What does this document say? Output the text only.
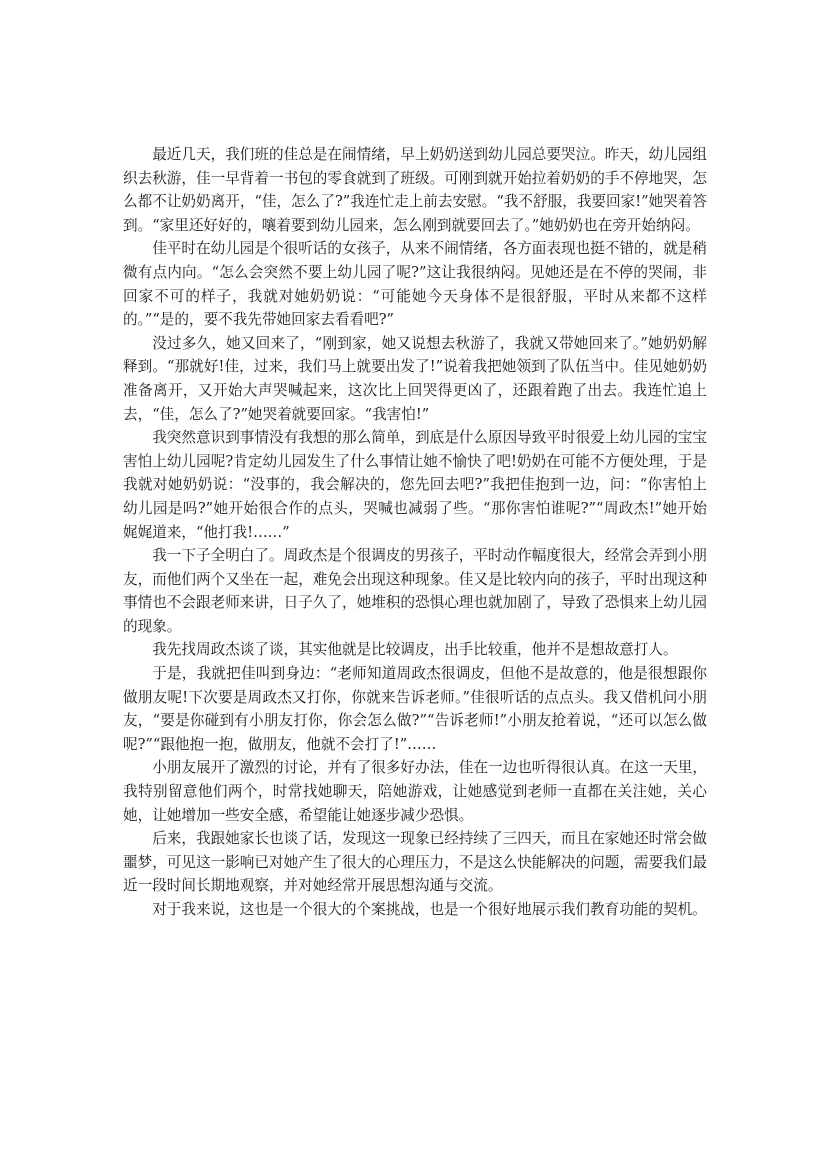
最近几天，我们班的佳总是在闹情绪，早上奶奶送到幼儿园总要哭泣。昨天，幼儿园组织去秋游，佳一早背着一书包的零食就到了班级。可刚到就开始拉着奶奶的手不停地哭，怎么都不让奶奶离开，“佳，怎么了?”我连忙走上前去安慰。“我不舒服，我要回家!”她哭着答到。“家里还好好的，嚷着要到幼儿园来，怎么刚到就要回去了。”她奶奶也在旁开始纳闷。

佳平时在幼儿园是个很听话的女孩子，从来不闹情绪，各方面表现也挺不错的，就是稍微有点内向。“怎么会突然不要上幼儿园了呢?”这让我很纳闷。见她还是在不停的哭闹，非回家不可的样子，我就对她奶奶说：“可能她今天身体不是很舒服，平时从来都不这样的。”“是的，要不我先带她回家去看看吧?”

没过多久，她又回来了，“刚到家，她又说想去秋游了，我就又带她回来了。”她奶奶解释到。“那就好!佳，过来，我们马上就要出发了!”说着我把她领到了队伍当中。佳见她奶奶准备离开，又开始大声哭喊起来，这次比上回哭得更凶了，还跟着跑了出去。我连忙追上去，“佳，怎么了?”她哭着就要回家。“我害怕!”

我突然意识到事情没有我想的那么简单，到底是什么原因导致平时很爱上幼儿园的宝宝害怕上幼儿园呢?肯定幼儿园发生了什么事情让她不愉快了吧!奶奶在可能不方便处理，于是我就对她奶奶说：“没事的，我会解决的，您先回去吧?”我把佳抱到一边，问：“你害怕上幼儿园是吗?”她开始很合作的点头，哭喊也减弱了些。“那你害怕谁呢?”“周政杰!”她开始娓娓道来，“他打我!……”

我一下子全明白了。周政杰是个很调皮的男孩子，平时动作幅度很大，经常会弄到小朋友，而他们两个又坐在一起，难免会出现这种现象。佳又是比较内向的孩子，平时出现这种事情也不会跟老师来讲，日子久了，她堆积的恐惧心理也就加剧了，导致了恐惧来上幼儿园的现象。

我先找周政杰谈了谈，其实他就是比较调皮，出手比较重，他并不是想故意打人。

于是，我就把佳叫到身边：“老师知道周政杰很调皮，但他不是故意的，他是很想跟你做朋友呢!下次要是周政杰又打你，你就来告诉老师。”佳很听话的点点头。我又借机问小朋友，“要是你碰到有小朋友打你，你会怎么做?”“告诉老师!”小朋友抢着说，“还可以怎么做呢?”“跟他抱一抱，做朋友，他就不会打了!”……

小朋友展开了激烈的讨论，并有了很多好办法，佳在一边也听得很认真。在这一天里，我特别留意他们两个，时常找她聊天，陪她游戏，让她感觉到老师一直都在关注她，关心她，让她增加一些安全感，希望能让她逐步减少恐惧。

后来，我跟她家长也谈了话，发现这一现象已经持续了三四天，而且在家她还时常会做噩梦，可见这一影响已对她产生了很大的心理压力，不是这么快能解决的问题，需要我们最近一段时间长期地观察，并对她经常开展思想沟通与交流。

对于我来说，这也是一个很大的个案挑战，也是一个很好地展示我们教育功能的契机。
